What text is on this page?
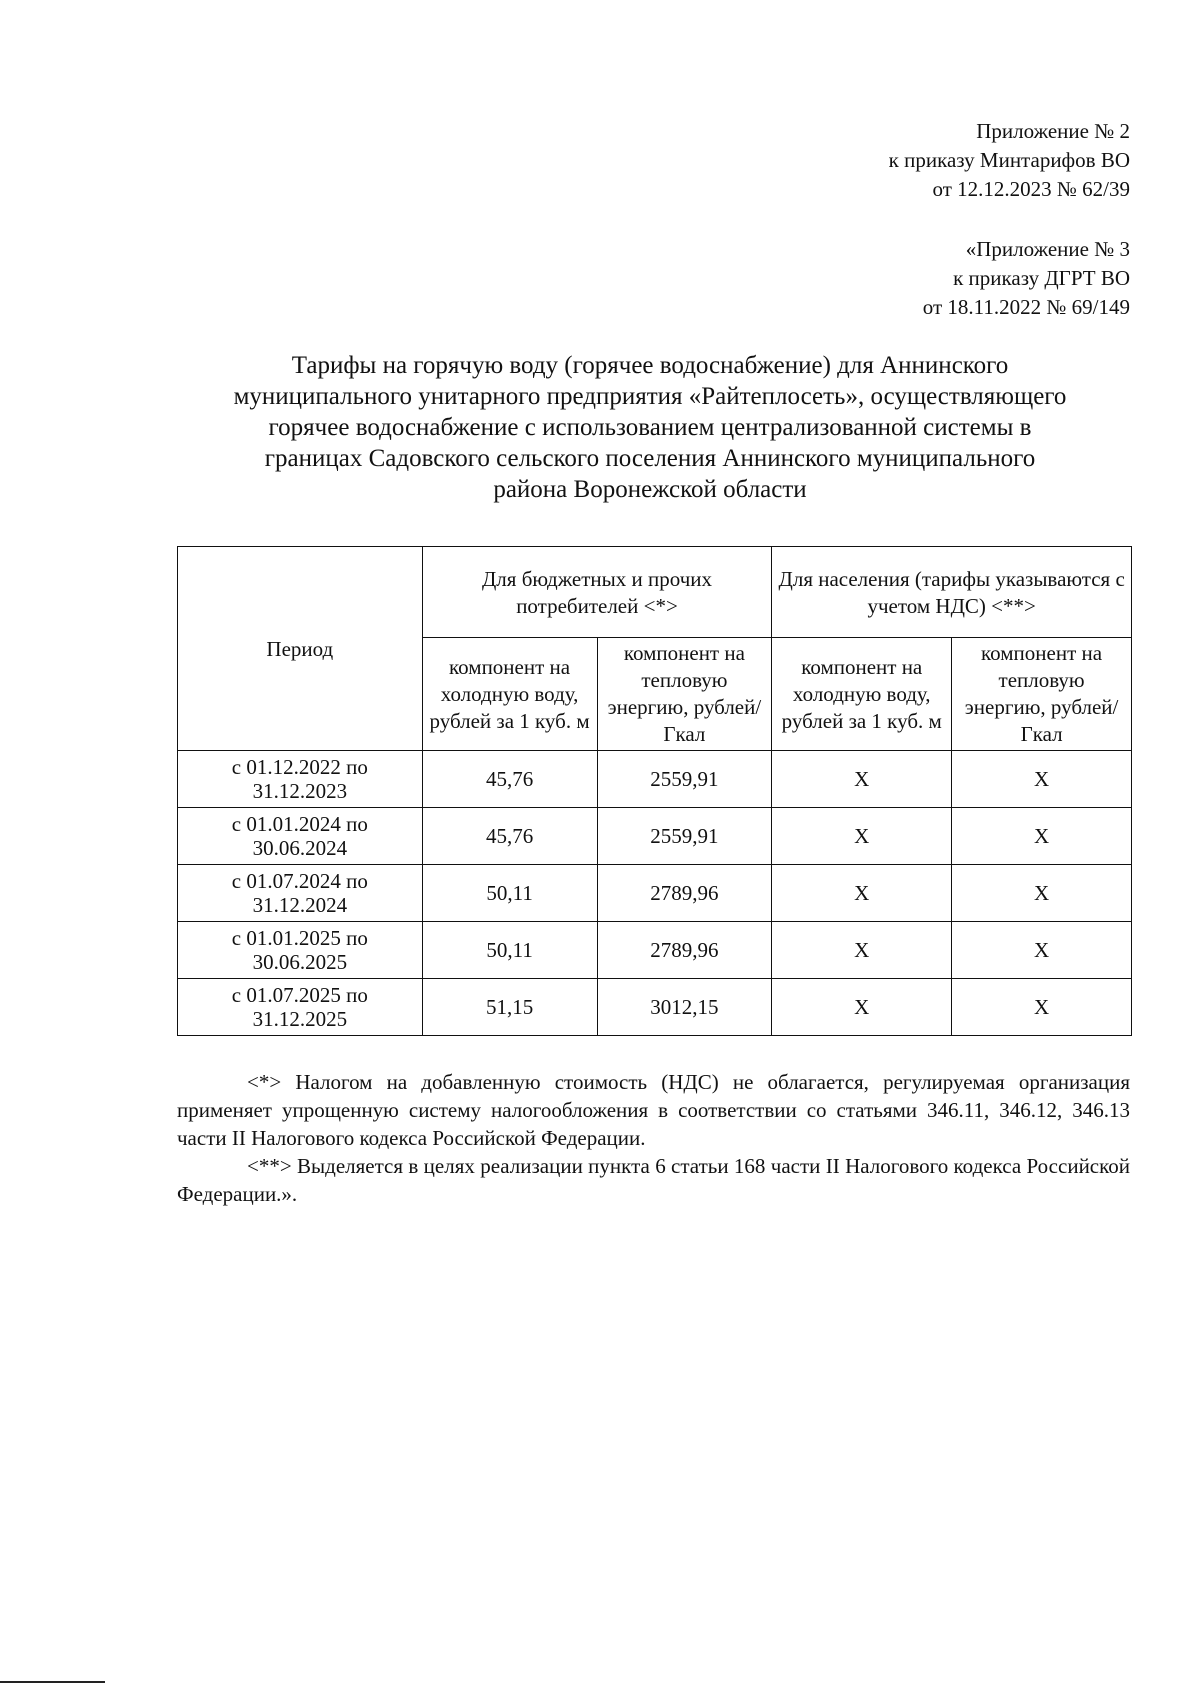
Приложение № 2
к приказу Минтарифов ВО
от 12.12.2023 № 62/39
«Приложение № 3
к приказу ДГРТ ВО
от 18.11.2022 № 69/149
Тарифы на горячую воду (горячее водоснабжение) для Аннинского
муниципального унитарного предприятия «Райтеплосеть», осуществляющего
горячее водоснабжение с использованием централизованной системы в
границах Садовского сельского поселения Аннинского муниципального
района Воронежской области
Период	Для бюджетных и прочих потребителей <*>		Для населения (тарифы указываются с учетом НДС) <**>	
	компонент на холодную воду, рублей за 1 куб. м	компонент на тепловую энергию, рублей/Гкал	компонент на холодную воду, рублей за 1 куб. м	компонент на тепловую энергию, рублей/Гкал
с 01.12.2022 по
31.12.2023	45,76	2559,91	Х	Х
с 01.01.2024 по
30.06.2024	45,76	2559,91	Х	Х
с 01.07.2024 по
31.12.2024	50,11	2789,96	Х	Х
с 01.01.2025 по
30.06.2025	50,11	2789,96	Х	Х
с 01.07.2025 по
31.12.2025	51,15	3012,15	Х	Х

<*> Налогом на добавленную стоимость (НДС) не облагается, регулируемая организация применяет упрощенную систему налогообложения в соответствии со статьями 346.11, 346.12, 346.13 части II Налогового кодекса Российской Федерации.

<**> Выделяется в целях реализации пункта 6 статьи 168 части II Налогового кодекса Российской Федерации.».
